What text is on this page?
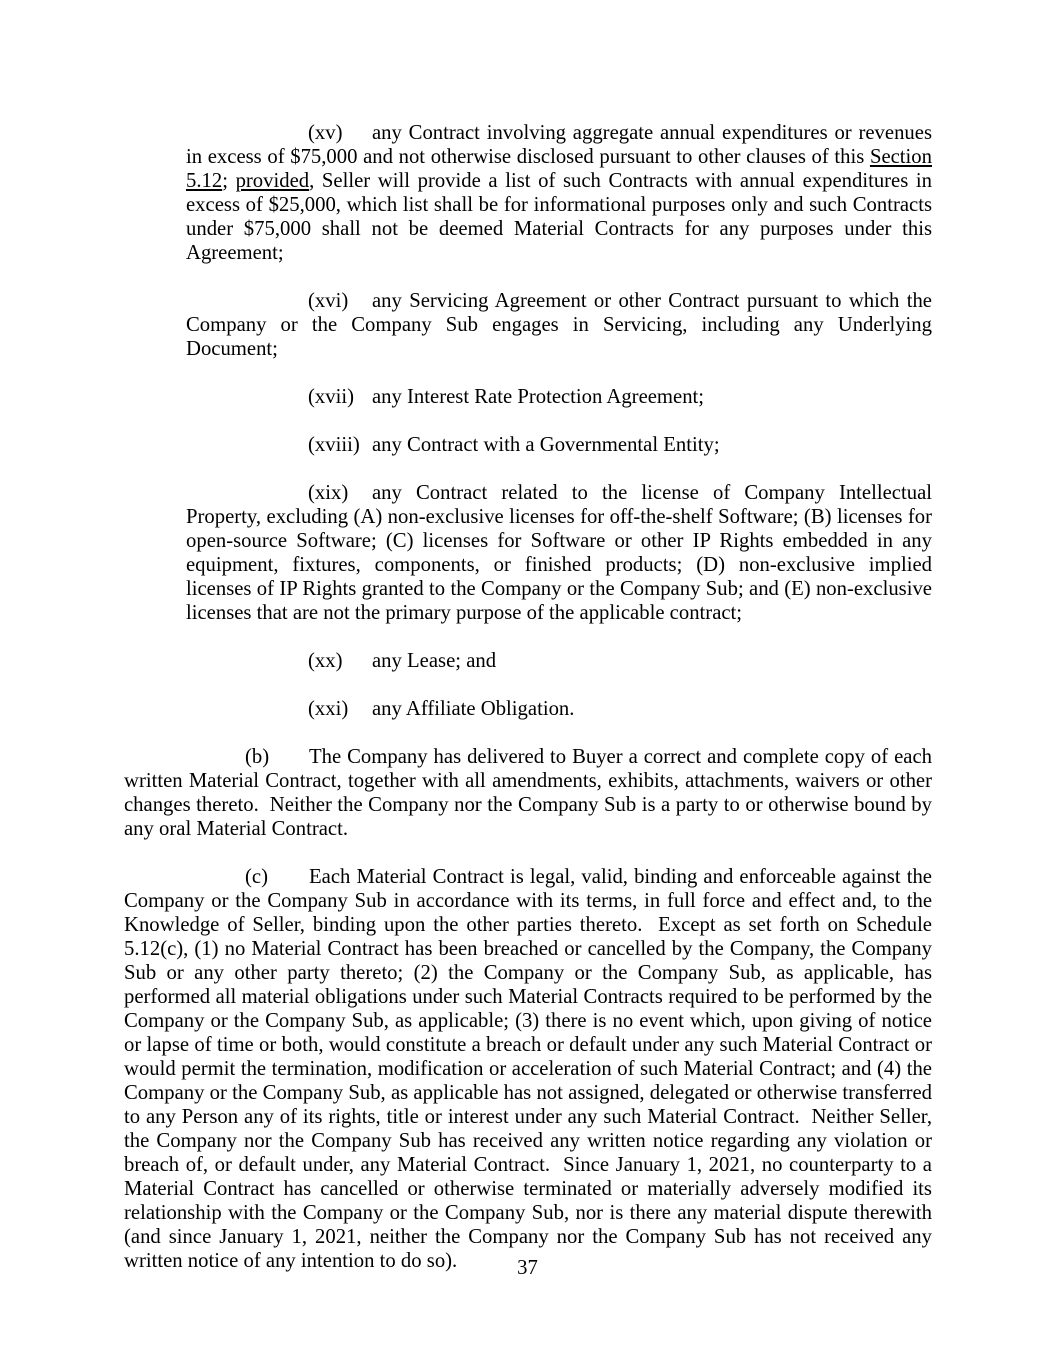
(xv) any Contract involving aggregate annual expenditures or revenues in excess of $75,000 and not otherwise disclosed pursuant to other clauses of this Section 5.12; provided, Seller will provide a list of such Contracts with annual expenditures in excess of $25,000, which list shall be for informational purposes only and such Contracts under $75,000 shall not be deemed Material Contracts for any purposes under this Agreement;

(xvi) any Servicing Agreement or other Contract pursuant to which the Company or the Company Sub engages in Servicing, including any Underlying Document;

(xvii) any Interest Rate Protection Agreement;

(xviii) any Contract with a Governmental Entity;

(xix) any Contract related to the license of Company Intellectual Property, excluding (A) non-exclusive licenses for off-the-shelf Software; (B) licenses for open-source Software; (C) licenses for Software or other IP Rights embedded in any equipment, fixtures, components, or finished products; (D) non-exclusive implied licenses of IP Rights granted to the Company or the Company Sub; and (E) non-exclusive licenses that are not the primary purpose of the applicable contract;

(xx) any Lease; and

(xxi) any Affiliate Obligation.

(b) The Company has delivered to Buyer a correct and complete copy of each written Material Contract, together with all amendments, exhibits, attachments, waivers or other changes thereto.  Neither the Company nor the Company Sub is a party to or otherwise bound by any oral Material Contract.

(c) Each Material Contract is legal, valid, binding and enforceable against the Company or the Company Sub in accordance with its terms, in full force and effect and, to the Knowledge of Seller, binding upon the other parties thereto.  Except as set forth on Schedule 5.12(c), (1) no Material Contract has been breached or cancelled by the Company, the Company Sub or any other party thereto; (2) the Company or the Company Sub, as applicable, has performed all material obligations under such Material Contracts required to be performed by the Company or the Company Sub, as applicable; (3) there is no event which, upon giving of notice or lapse of time or both, would constitute a breach or default under any such Material Contract or would permit the termination, modification or acceleration of such Material Contract; and (4) the Company or the Company Sub, as applicable has not assigned, delegated or otherwise transferred to any Person any of its rights, title or interest under any such Material Contract.  Neither Seller, the Company nor the Company Sub has received any written notice regarding any violation or breach of, or default under, any Material Contract.  Since January 1, 2021, no counterparty to a Material Contract has cancelled or otherwise terminated or materially adversely modified its relationship with the Company or the Company Sub, nor is there any material dispute therewith (and since January 1, 2021, neither the Company nor the Company Sub has not received any written notice of any intention to do so).	37
